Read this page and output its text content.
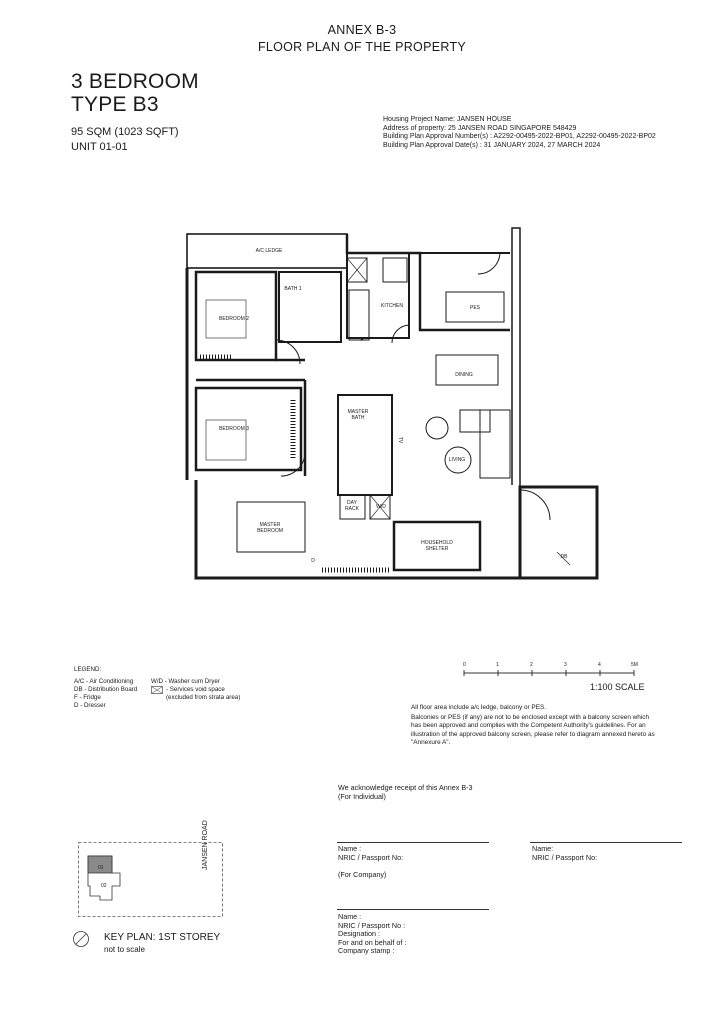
ANNEX B-3
FLOOR PLAN OF THE PROPERTY
3 BEDROOM
TYPE B3
95 SQM (1023 SQFT)
UNIT 01-01
Housing Project Name: JANSEN HOUSE
Address of property: 25 JANSEN ROAD SINGAPORE 548429
Building Plan Approval Number(s) : A2292-00495-2022-BP01, A2292-00495-2022-BP02
Building Plan Approval Date(s) : 31 JANUARY 2024, 27 MARCH 2024
A/C LEDGE
BATH 1
KITCHEN	PES
BEDROOM 2
F
DINING
MASTER
BATH
BEDROOM 3
TV
LIVING
DAY
RACK	W/D
MASTER
BEDROOM
D
HOUSEHOLD
SHELTER
DB
LEGEND:
A/C - Air Conditioning
DB - Distribution Board
F - Fridge
D - Dresser
W/D - Washer cum Dryer
- Services void space
(excluded from strata area)
0	1	2	3	4	5M
1:100 SCALE
All floor area include a/c ledge, balcony or PES.
Balconies or PES (if any) are not to be enclosed except with a balcony screen which
has been approved and complies with the Competent Authority's guidelines. For an
illustration of the approved balcony screen, please refer to diagram annexed hereto as
"Annexure A".
We acknowledge receipt of this Annex B-3
(For Individual)
Name :
NRIC / Passport No:
Name:
NRIC / Passport No:
(For Company)
Name :
NRIC / Passport No :
Designation :
For and on behalf of :
Company stamp :
01
02
JANSEN ROAD
KEY PLAN: 1ST STOREY
not to scale
